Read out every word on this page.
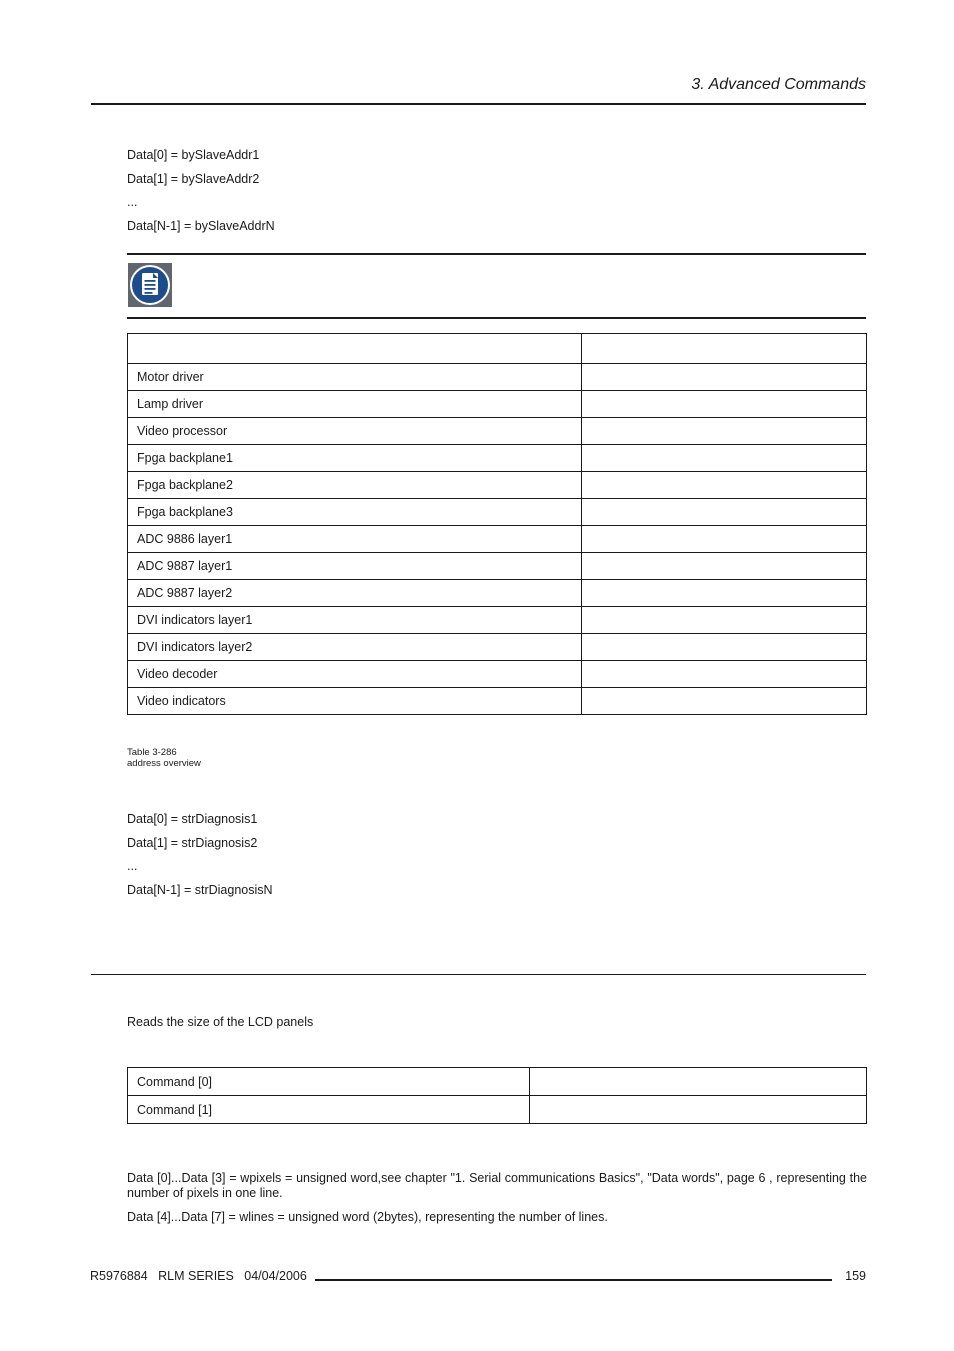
3. Advanced Commands
Data[0] = bySlaveAddr1
Data[1] = bySlaveAddr2
...
Data[N-1] = bySlaveAddrN

Motor driver	
Lamp driver	
Video processor	
Fpga backplane1	
Fpga backplane2	
Fpga backplane3	
ADC 9886 layer1	
ADC 9887 layer1	
ADC 9887 layer2	
DVI indicators layer1	
DVI indicators layer2	
Video decoder	
Video indicators	
Table 3-286
address overview
Data[0] = strDiagnosis1
Data[1] = strDiagnosis2
...
Data[N-1] = strDiagnosisN
Reads the size of the LCD panels
Command [0]	
Command [1]	
Data [0]...Data [3] = wpixels = unsigned word,see chapter "1. Serial communications Basics", "Data words", page 6 , representing the number of pixels in one line.
Data [4]...Data [7] = wlines = unsigned word (2bytes), representing the number of lines.
R5976884 RLM SERIES 04/04/2006	159
